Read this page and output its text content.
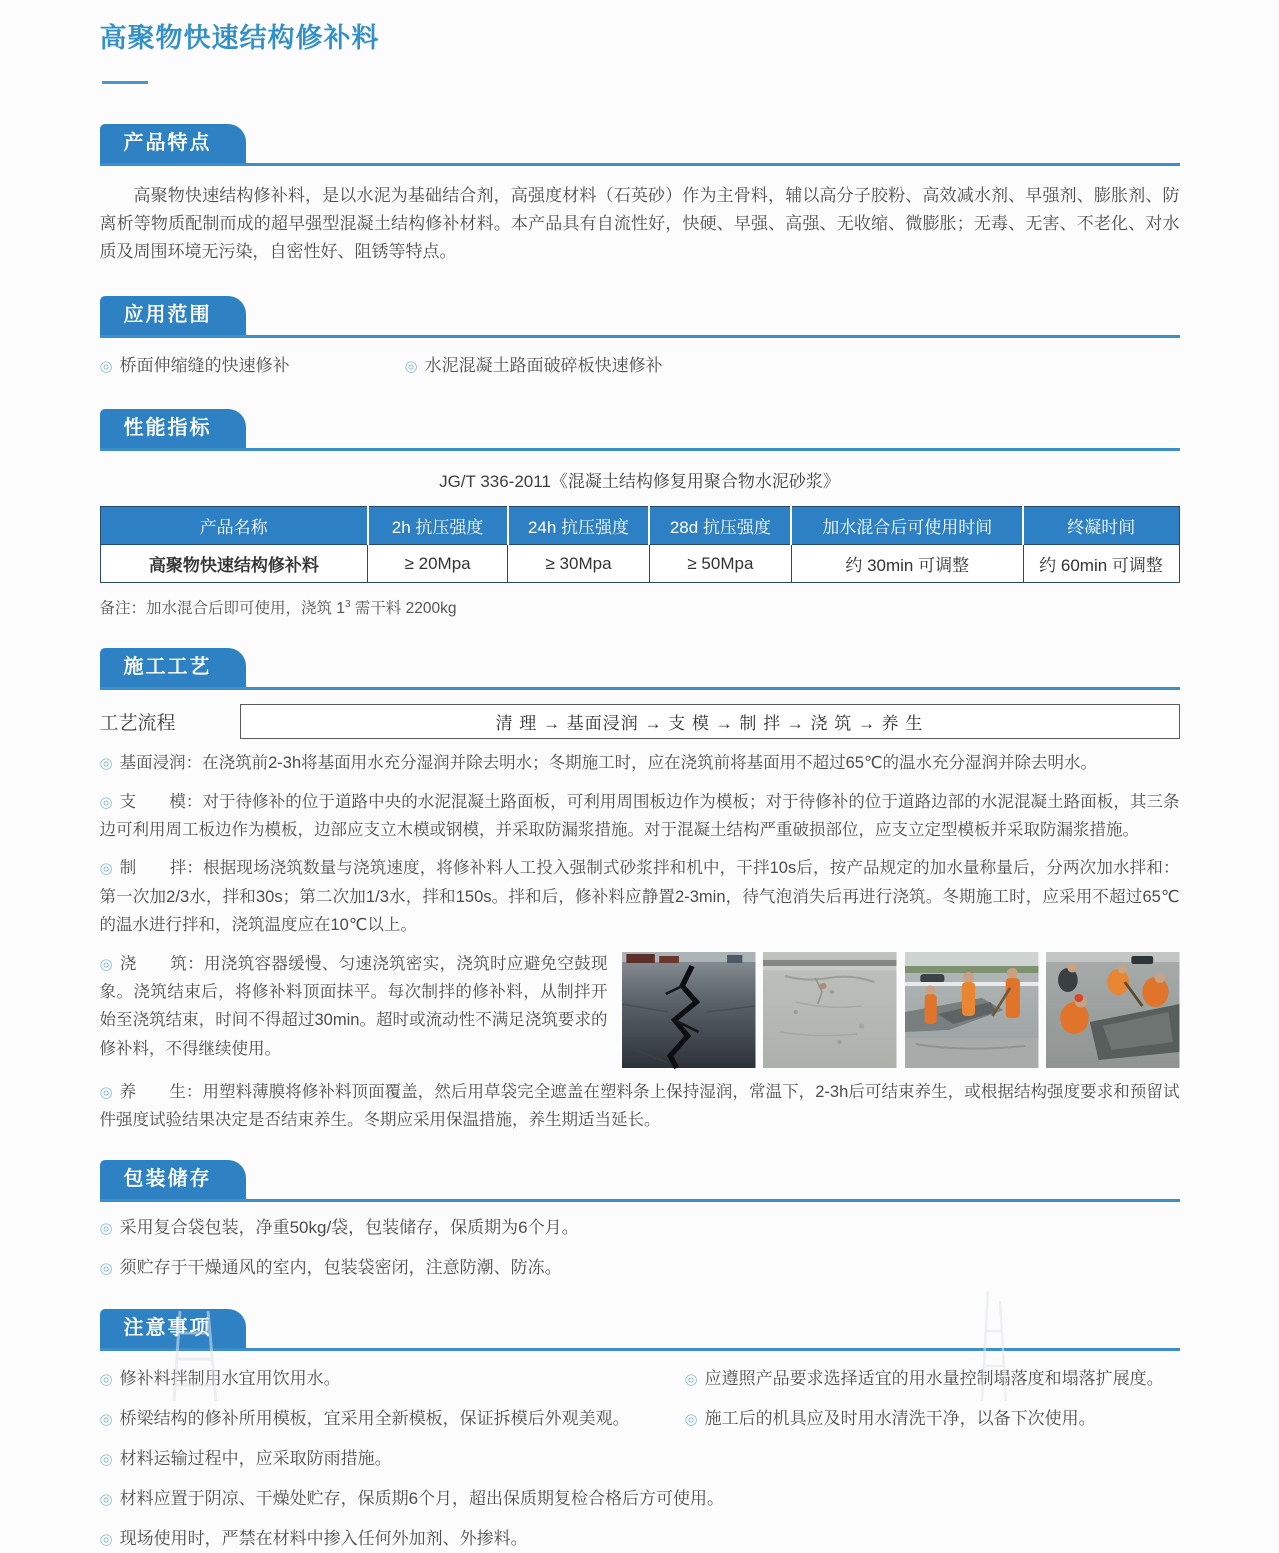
高聚物快速结构修补料
产品特点

高聚物快速结构修补料，是以水泥为基础结合剂，高强度材料（石英砂）作为主骨料，辅以高分子胶粉、高效减水剂、早强剂、膨胀剂、防离析等物质配制而成的超早强型混凝土结构修补材料。本产品具有自流性好，快硬、早强、高强、无收缩、微膨胀；无毒、无害、不老化、对水质及周围环境无污染，自密性好、阻锈等特点。

应用范围
◎ 桥面伸缩缝的快速修补	◎ 水泥混凝土路面破碎板快速修补
性能指标
JG/T 336-2011《混凝土结构修复用聚合物水泥砂浆》
产品名称	2h 抗压强度	24h 抗压强度	28d 抗压强度	加水混合后可使用时间	终凝时间
高聚物快速结构修补料	≥ 20Mpa	≥ 30Mpa	≥ 50Mpa	约 30min 可调整	约 60min 可调整
备注：加水混合后即可使用，浇筑 $1^3$ 需干料 2200kg
施工工艺
工艺流程	清 理 → 基面浸润 → 支 模 → 制 拌 → 浇 筑 → 养 生

◎ 基面浸润：在浇筑前2-3h将基面用水充分湿润并除去明水；冬期施工时，应在浇筑前将基面用不超过65℃的温水充分湿润并除去明水。

◎ 支　　模：对于待修补的位于道路中央的水泥混凝土路面板，可利用周围板边作为模板；对于待修补的位于道路边部的水泥混凝土路面板，其三条边可利用周工板边作为模板，边部应支立木模或钢模，并采取防漏浆措施。对于混凝土结构严重破损部位，应支立定型模板并采取防漏浆措施。

◎ 制　　拌：根据现场浇筑数量与浇筑速度，将修补料人工投入强制式砂浆拌和机中，干拌10s后，按产品规定的加水量称量后，分两次加水拌和：第一次加2/3水，拌和30s；第二次加1/3水，拌和150s。拌和后，修补料应静置2-3min，待气泡消失后再进行浇筑。冬期施工时，应采用不超过65℃的温水进行拌和，浇筑温度应在10℃以上。

◎ 浇　　筑：用浇筑容器缓慢、匀速浇筑密实，浇筑时应避免空鼓现象。浇筑结束后，将修补料顶面抹平。每次制拌的修补料，从制拌开始至浇筑结束，时间不得超过30min。超时或流动性不满足浇筑要求的修补料，不得继续使用。

◎ 养　　生：用塑料薄膜将修补料顶面覆盖，然后用草袋完全遮盖在塑料条上保持湿润，常温下，2-3h后可结束养生，或根据结构强度要求和预留试件强度试验结果决定是否结束养生。冬期应采用保温措施，养生期适当延长。

包装储存

◎ 采用复合袋包装，净重50kg/袋，包装储存，保质期为6个月。

◎ 须贮存于干燥通风的室内，包装袋密闭，注意防潮、防冻。

注意事项

◎ 修补料拌制用水宜用饮用水。	◎ 应遵照产品要求选择适宜的用水量控制塌落度和塌落扩展度。

◎ 桥梁结构的修补所用模板，宜采用全新模板，保证拆模后外观美观。	◎ 施工后的机具应及时用水清洗干净，以备下次使用。

◎ 材料运输过程中，应采取防雨措施。

◎ 材料应置于阴凉、干燥处贮存，保质期6个月，超出保质期复检合格后方可使用。

◎ 现场使用时，严禁在材料中掺入任何外加剂、外掺料。
